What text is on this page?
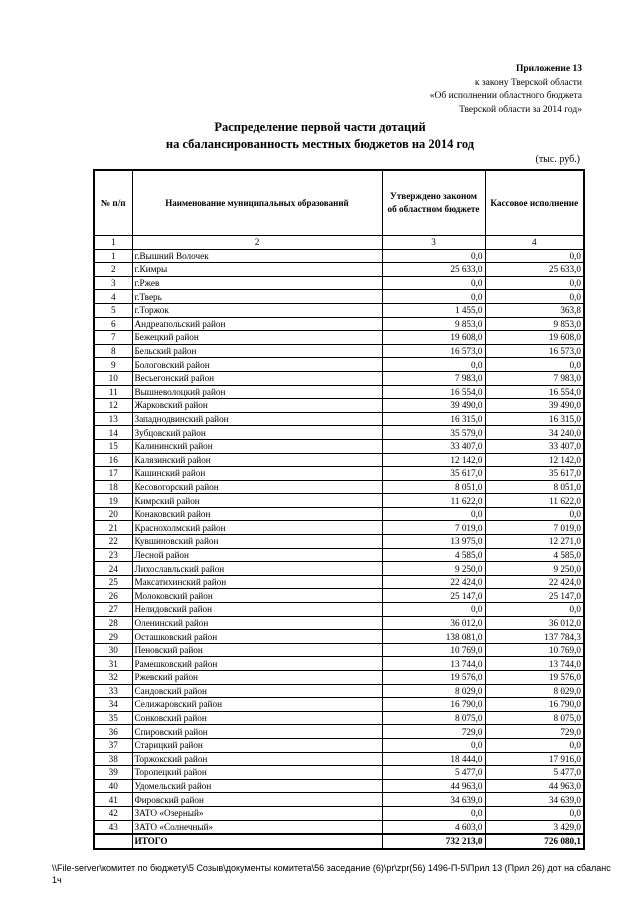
Приложение 13
к закону Тверской области
«Об исполнении областного бюджета
Тверской области за 2014 год»
Распределение первой части дотаций
на сбалансированность местных бюджетов на 2014 год
(тыс. руб.)
№ п/п	Наименование муниципальных образований	Утверждено законом об областном бюджете	Кассовое исполнение
1	2	3	4
1	г.Вышний Волочек	0,0	0,0
2	г.Кимры	25 633,0	25 633,0
3	г.Ржев	0,0	0,0
4	г.Тверь	0,0	0,0
5	г.Торжок	1 455,0	363,8
6	Андреапольский район	9 853,0	9 853,0
7	Бежецкий район	19 608,0	19 608,0
8	Бельский район	16 573,0	16 573,0
9	Бологовский район	0,0	0,0
10	Весьегонский район	7 983,0	7 983,0
11	Вышневолоцкий район	16 554,0	16 554,0
12	Жарковский район	39 490,0	39 490,0
13	Западнодвинский район	16 315,0	16 315,0
14	Зубцовский район	35 579,0	34 240,0
15	Калининский район	33 407,0	33 407,0
16	Калязинский район	12 142,0	12 142,0
17	Кашинский район	35 617,0	35 617,0
18	Кесовогорский район	8 051,0	8 051,0
19	Кимрский район	11 622,0	11 622,0
20	Конаковский район	0,0	0,0
21	Краснохолмский район	7 019,0	7 019,0
22	Кувшиновский район	13 975,0	12 271,0
23	Лесной район	4 585,0	4 585,0
24	Лихославльский район	9 250,0	9 250,0
25	Максатихинский район	22 424,0	22 424,0
26	Молоковский район	25 147,0	25 147,0
27	Нелидовский район	0,0	0,0
28	Оленинский район	36 012,0	36 012,0
29	Осташковский район	138 081,0	137 784,3
30	Пеновский район	10 769,0	10 769,0
31	Рамешковский район	13 744,0	13 744,0
32	Ржевский район	19 576,0	19 576,0
33	Сандовский район	8 029,0	8 029,0
34	Селижаровский район	16 790,0	16 790,0
35	Сонковский район	8 075,0	8 075,0
36	Спировский район	729,0	729,0
37	Старицкий район	0,0	0,0
38	Торжокский район	18 444,0	17 916,0
39	Торопецкий район	5 477,0	5 477,0
40	Удомельский район	44 963,0	44 963,0
41	Фировский район	34 639,0	34 639,0
42	ЗАТО «Озерный»	0,0	0,0
43	ЗАТО «Солнечный»	4 603,0	3 429,0
	ИТОГО	732 213,0	726 080,1
\\File-server\комитет по бюджету\5 Созыв\документы комитета\56 заседание (6)\pr\zpr(56) 1496-П-5\Прил 13 (Прил 26) дот на сбаланс 1ч
